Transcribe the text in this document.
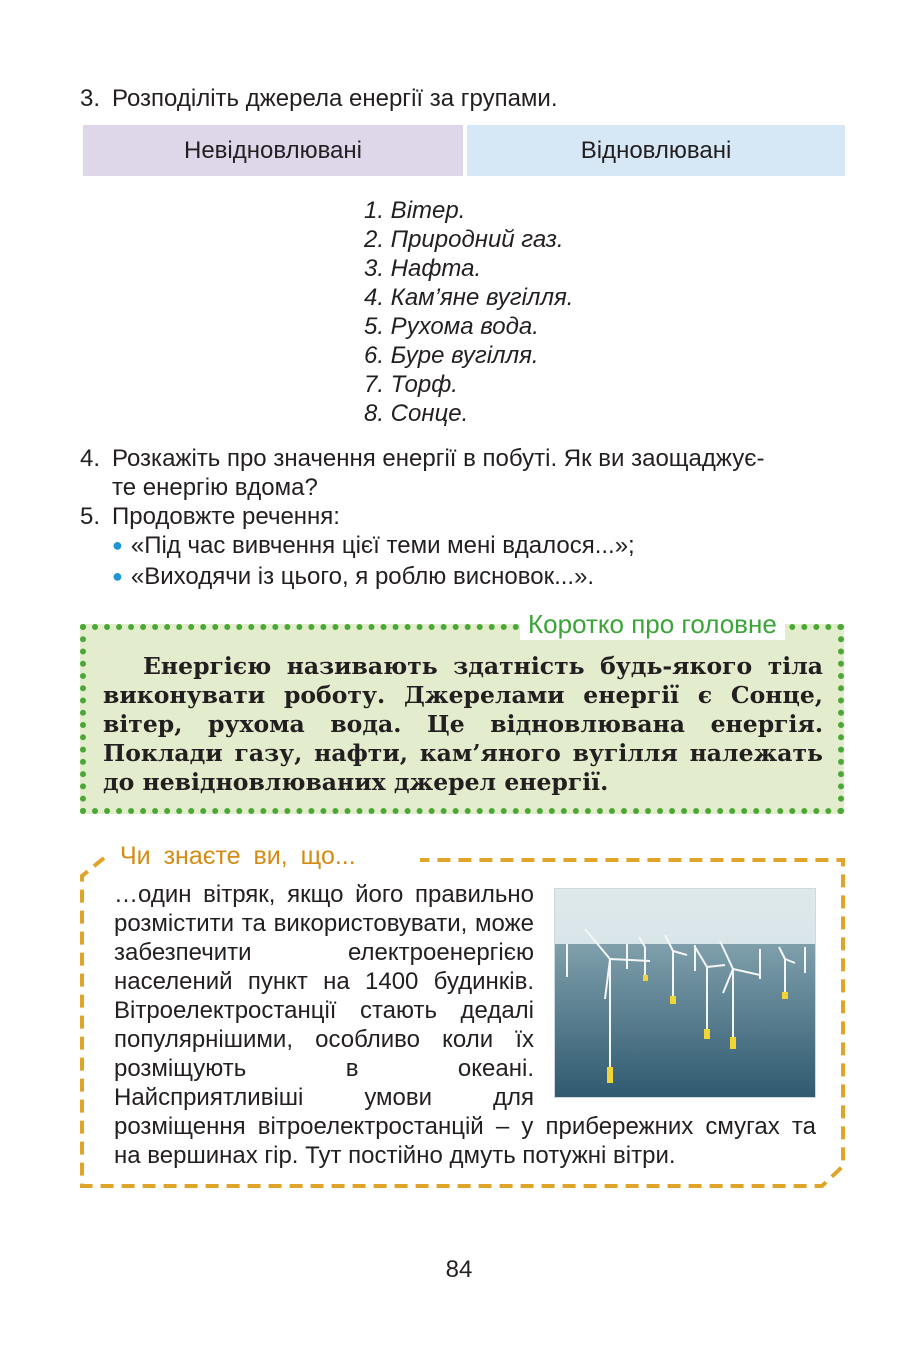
3. Розподіліть джерела енергії за групами.
Невідновлювані	Відновлювані
1. Вітер.
2. Природний газ.
3. Нафта.
4. Кам’яне вугілля.
5. Рухома вода.
6. Буре вугілля.
7. Торф.
8. Сонце.
4. Розкажіть про значення енергії в побуті. Як ви заощаджує-
те енергію вдома?
5. Продовжте речення:
● «Під час вивчення цієї теми мені вдалося...»;
● «Виходячи із цього, я роблю висновок...».
Коротко про головне
Енергією називають здатність будь-якого тіла виконувати роботу. Джерелами енергії є Сонце, вітер, рухома вода. Це відновлювана енергія. Поклади газу, нафти, кам’яного вугілля належать до невідновлюваних джерел енергії.
Чи знаєте ви, що...
…один вітряк, якщо його правильно розмістити та використовувати, може забезпечити електроенергією населений пункт на 1400 будинків. Вітроелектростанції стають дедалі популярнішими, особливо коли їх розміщують в океані. Найсприятливіші умови для розміщення вітроелектростанцій – у прибережних смугах та на вершинах гір. Тут постійно дмуть потужні вітри.
84
